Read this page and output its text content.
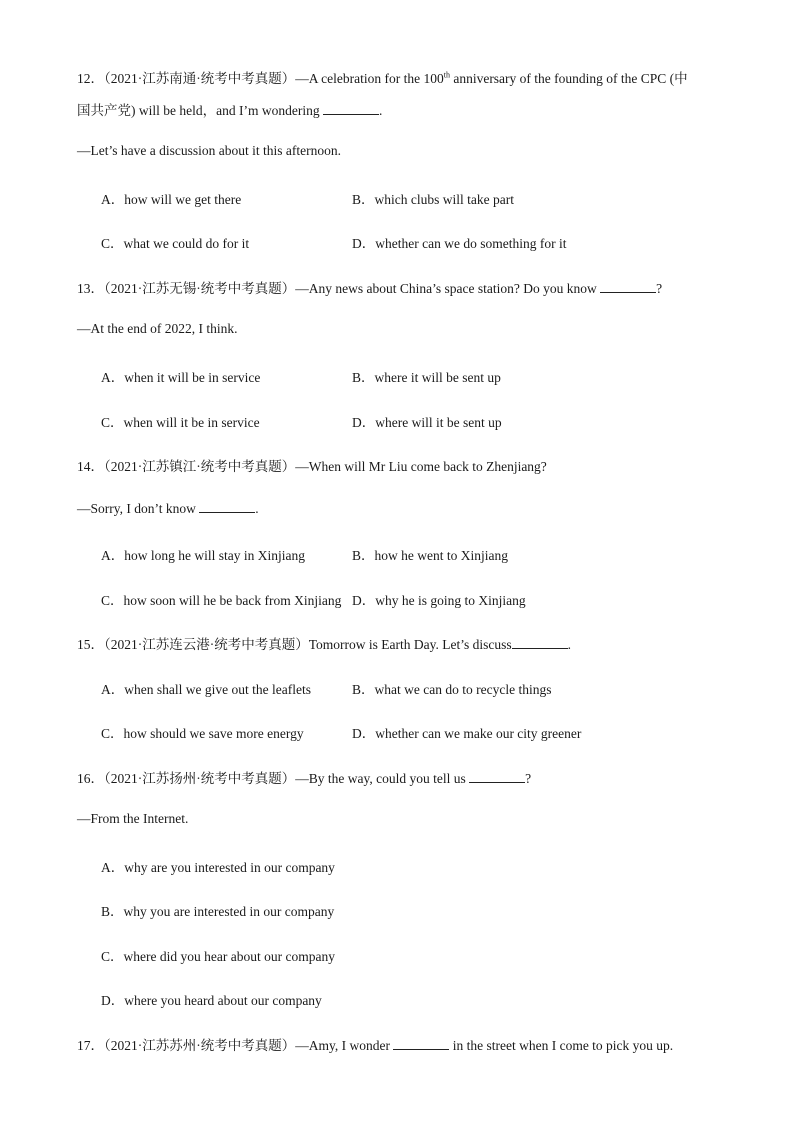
12．（2021·江苏南通·统考中考真题）—A celebration for the 100th anniversary of the founding of the CPC (中
国共产党) will be held，and I’m wondering	.
—Let’s have a discussion about it this afternoon.
A．how will we get there	B．which clubs will take part
C．what we could do for it	D．whether can we do something for it
13．（2021·江苏无锡·统考中考真题）—Any news about China’s space station? Do you know	?
—At the end of 2022, I think.
A．when it will be in service	B．where it will be sent up
C．when will it be in service	D．where will it be sent up
14．（2021·江苏镇江·统考中考真题）—When will Mr Liu come back to Zhenjiang?
—Sorry, I don’t know	.
A．how long he will stay in Xinjiang	B．how he went to Xinjiang
C．how soon will he be back from Xinjiang D．why he is going to Xinjiang
15．（2021·江苏连云港·统考中考真题）Tomorrow is Earth Day. Let’s discuss	.
A．when shall we give out the leaflets	B．what we can do to recycle things
C．how should we save more energy	D．whether can we make our city greener
16．（2021·江苏扬州·统考中考真题）—By the way, could you tell us	?
—From the Internet.
A．why are you interested in our company
B．why you are interested in our company
C．where did you hear about our company
D．where you heard about our company
17．（2021·江苏苏州·统考中考真题）—Amy, I wonder	in the street when I come to pick you up.
